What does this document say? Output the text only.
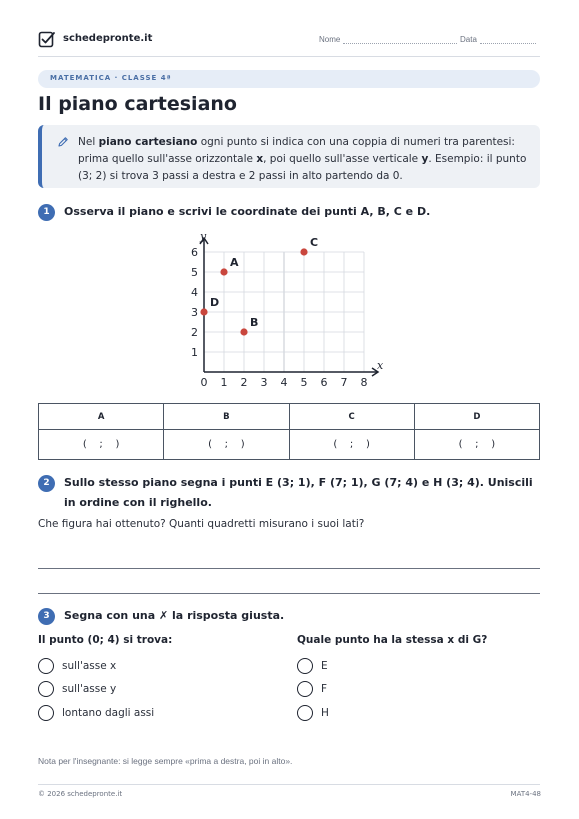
schedepronte.it	Nome	Data
MATEMATICA · CLASSE 4ª
Il piano cartesiano
Nel piano cartesiano ogni punto si indica con una coppia di numeri tra parentesi: prima quello sull'asse orizzontale x, poi quello sull'asse verticale y. Esempio: il punto (3; 2) si trova 3 passi a destra e 2 passi in alto partendo da 0.
1	Osserva il piano e scrivi le coordinate dei punti A, B, C e D.
x
y
0 1 2 3 4 5 6 7 8
1
2
3
4
5
6
A
B
C
D
A	B	C	D
(    ;    )	(    ;    )	(    ;    )	(    ;    )
2	Sullo stesso piano segna i punti E (3; 1), F (7; 1), G (7; 4) e H (3; 4). Uniscili in ordine con il righello.
Che figura hai ottenuto? Quanti quadretti misurano i suoi lati?
3	Segna con una ✗ la risposta giusta.
Il punto (0; 4) si trova:
sull'asse x
sull'asse y
lontano dagli assi
Quale punto ha la stessa x di G?
E
F
H
Nota per l'insegnante: si legge sempre «prima a destra, poi in alto».
© 2026 schedepronte.it	MAT4-48
